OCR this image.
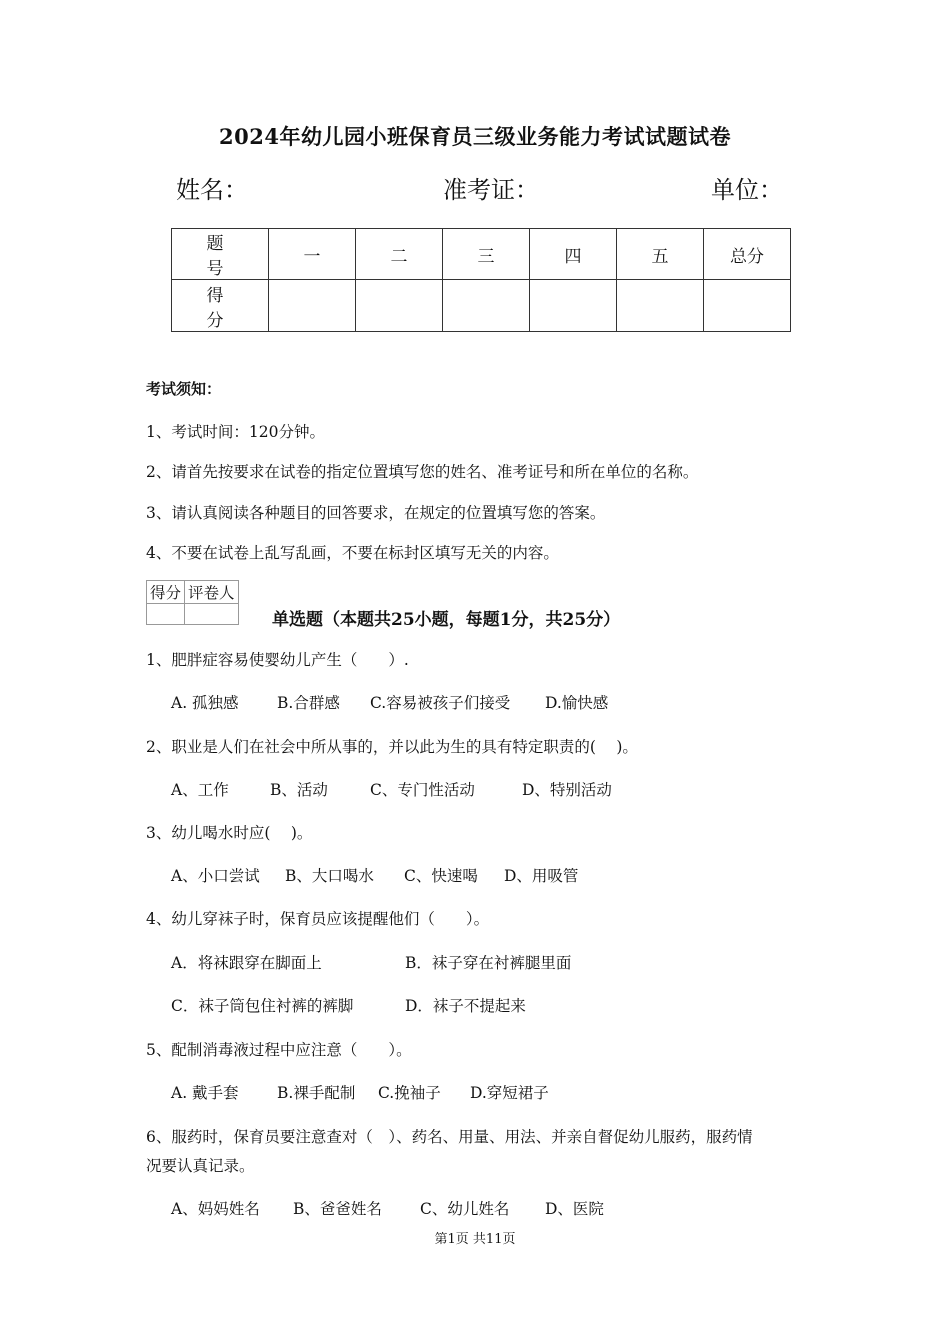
2024年幼儿园小班保育员三级业务能力考试试题试卷
姓名：	准考证：	单位：
题　号	一	二	三	四	五	总分
得　分						
考试须知：
1、考试时间：120分钟。
2、请首先按要求在试卷的指定位置填写您的姓名、准考证号和所在单位的名称。
3、请认真阅读各种题目的回答要求，在规定的位置填写您的答案。
4、不要在试卷上乱写乱画，不要在标封区填写无关的内容。
得分	评卷人

单选题（本题共25小题，每题1分，共25分）
1、肥胖症容易使婴幼儿产生（　　）.
A. 孤独感 B.合群感 C.容易被孩子们接受 D.愉快感
2、职业是人们在社会中所从事的，并以此为生的具有特定职责的(　 )。
A、工作	B、活动	C、专门性活动	D、特别活动
3、幼儿喝水时应(　 )。
A、小口尝试 B、大口喝水 C、快速喝 D、用吸管
4、幼儿穿袜子时，保育员应该提醒他们（　　）。
A．将袜跟穿在脚面上	B．袜子穿在衬裤腿里面
C．袜子筒包住衬裤的裤脚	D．袜子不提起来
5、配制消毒液过程中应注意（　　）。
A. 戴手套 B.裸手配制 C.挽袖子 D.穿短裙子
6、服药时，保育员要注意查对（　）、药名、用量、用法、并亲自督促幼儿服药，服药情
况要认真记录。
A、妈妈姓名 B、爸爸姓名 C、幼儿姓名 D、医院
第1页 共11页
